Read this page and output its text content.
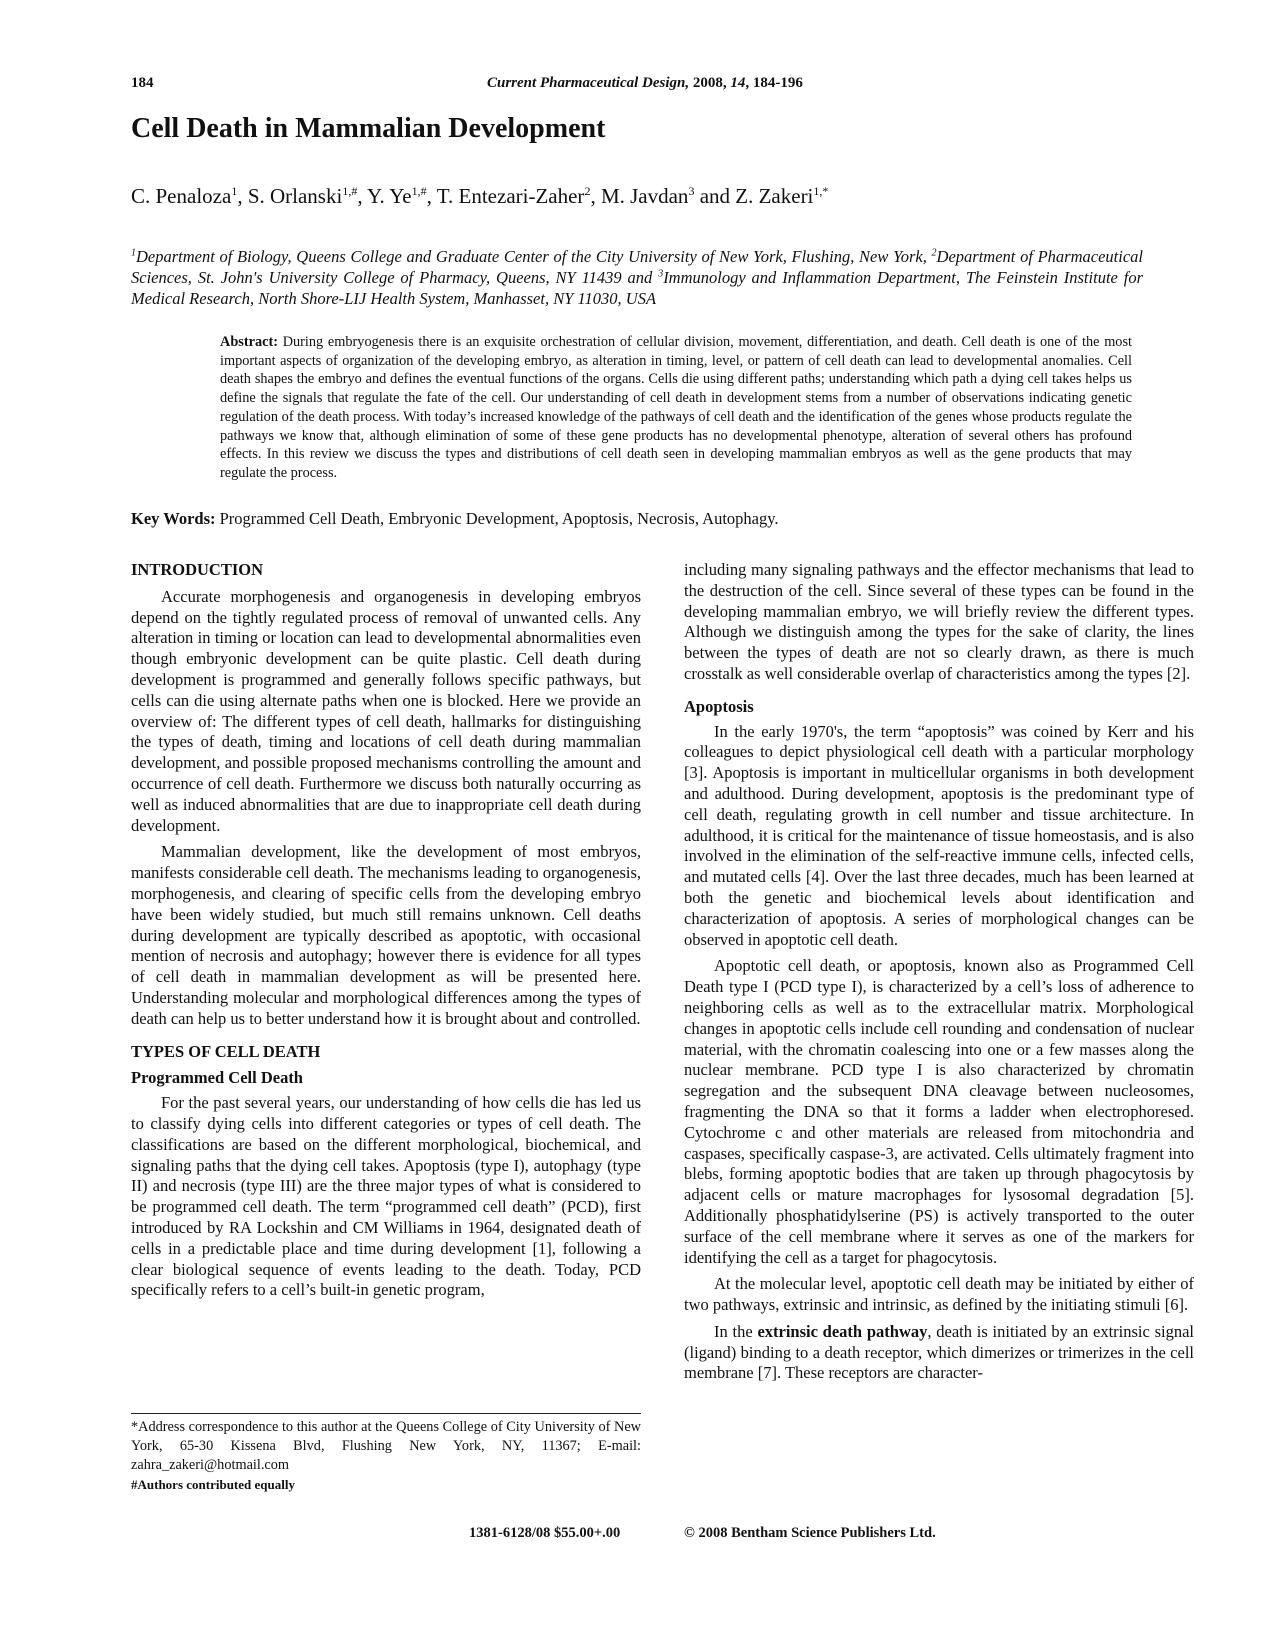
184	Current Pharmaceutical Design, 2008, 14, 184-196
Cell Death in Mammalian Development
C. Penaloza$^1$, S. Orlanski$^{1,\#}$, Y. $Ye^{1,\#}$, T. Entezari-Zaher$^2$, M. Javdan$^3$ and Z. Zakeri$^{1,*}$
$^1$Department of Biology, Queens College and Graduate Center of the City University of New York, Flushing, New York, $^2$Department of Pharmaceutical Sciences, St. John's University College of Pharmacy, Queens, NY 11439 and $^3$Immunology and Inflammation Department, The Feinstein Institute for Medical Research, North Shore-LIJ Health System, Manhasset, NY 11030, USA
Abstract: During embryogenesis there is an exquisite orchestration of cellular division, movement, differentiation, and death. Cell death is one of the most important aspects of organization of the developing embryo, as alteration in timing, level, or pattern of cell death can lead to developmental anomalies. Cell death shapes the embryo and defines the eventual functions of the organs. Cells die using different paths; understanding which path a dying cell takes helps us define the signals that regulate the fate of the cell. Our understanding of cell death in development stems from a number of observations indicating genetic regulation of the death process. With today’s increased knowledge of the pathways of cell death and the identification of the genes whose products regulate the pathways we know that, although elimination of some of these gene products has no developmental phenotype, alteration of several others has profound effects. In this review we discuss the types and distributions of cell death seen in developing mammalian embryos as well as the gene products that may regulate the process.
Key Words: Programmed Cell Death, Embryonic Development, Apoptosis, Necrosis, Autophagy.
INTRODUCTION

Accurate morphogenesis and organogenesis in developing embryos depend on the tightly regulated process of removal of unwanted cells. Any alteration in timing or location can lead to developmental abnormalities even though embryonic development can be quite plastic. Cell death during development is programmed and generally follows specific pathways, but cells can die using alternate paths when one is blocked. Here we provide an overview of: The different types of cell death, hallmarks for distinguishing the types of death, timing and locations of cell death during mammalian development, and possible proposed mechanisms controlling the amount and occurrence of cell death. Furthermore we discuss both naturally occurring as well as induced abnormalities that are due to inappropriate cell death during development.

Mammalian development, like the development of most embryos, manifests considerable cell death. The mechanisms leading to organogenesis, morphogenesis, and clearing of specific cells from the developing embryo have been widely studied, but much still remains unknown. Cell deaths during development are typically described as apoptotic, with occasional mention of necrosis and autophagy; however there is evidence for all types of cell death in mammalian development as will be presented here. Understanding molecular and morphological differences among the types of death can help us to better understand how it is brought about and controlled.

TYPES OF CELL DEATH
Programmed Cell Death

For the past several years, our understanding of how cells die has led us to classify dying cells into different categories or types of cell death. The classifications are based on the different morphological, biochemical, and signaling paths that the dying cell takes. Apoptosis (type I), autophagy (type II) and necrosis (type III) are the three major types of what is considered to be programmed cell death. The term “programmed cell death” (PCD), first introduced by RA Lockshin and CM Williams in 1964, designated death of cells in a predictable place and time during development [1], following a clear biological sequence of events leading to the death. Today, PCD specifically refers to a cell’s built-in genetic program,

including many signaling pathways and the effector mechanisms that lead to the destruction of the cell. Since several of these types can be found in the developing mammalian embryo, we will briefly review the different types. Although we distinguish among the types for the sake of clarity, the lines between the types of death are not so clearly drawn, as there is much crosstalk as well considerable overlap of characteristics among the types [2].

Apoptosis

In the early 1970's, the term “apoptosis” was coined by Kerr and his colleagues to depict physiological cell death with a particular morphology [3]. Apoptosis is important in multicellular organisms in both development and adulthood. During development, apoptosis is the predominant type of cell death, regulating growth in cell number and tissue architecture. In adulthood, it is critical for the maintenance of tissue homeostasis, and is also involved in the elimination of the self-reactive immune cells, infected cells, and mutated cells [4]. Over the last three decades, much has been learned at both the genetic and biochemical levels about identification and characterization of apoptosis. A series of morphological changes can be observed in apoptotic cell death.

Apoptotic cell death, or apoptosis, known also as Programmed Cell Death type I (PCD type I), is characterized by a cell’s loss of adherence to neighboring cells as well as to the extracellular matrix. Morphological changes in apoptotic cells include cell rounding and condensation of nuclear material, with the chromatin coalescing into one or a few masses along the nuclear membrane. PCD type I is also characterized by chromatin segregation and the subsequent DNA cleavage between nucleosomes, fragmenting the DNA so that it forms a ladder when electrophoresed. Cytochrome c and other materials are released from mitochondria and caspases, specifically caspase-3, are activated. Cells ultimately fragment into blebs, forming apoptotic bodies that are taken up through phagocytosis by adjacent cells or mature macrophages for lysosomal degradation [5]. Additionally phosphatidylserine (PS) is actively transported to the outer surface of the cell membrane where it serves as one of the markers for identifying the cell as a target for phagocytosis.

At the molecular level, apoptotic cell death may be initiated by either of two pathways, extrinsic and intrinsic, as defined by the initiating stimuli [6].

In the extrinsic death pathway, death is initiated by an extrinsic signal (ligand) binding to a death receptor, which dimerizes or trimerizes in the cell membrane [7]. These receptors are character-

*Address correspondence to this author at the Queens College of City University of New York, 65-30 Kissena Blvd, Flushing New York, NY, 11367; E-mail: zahra_zakeri@hotmail.com
#Authors contributed equally
1381-6128/08 $55.00+.00	© 2008 Bentham Science Publishers Ltd.
